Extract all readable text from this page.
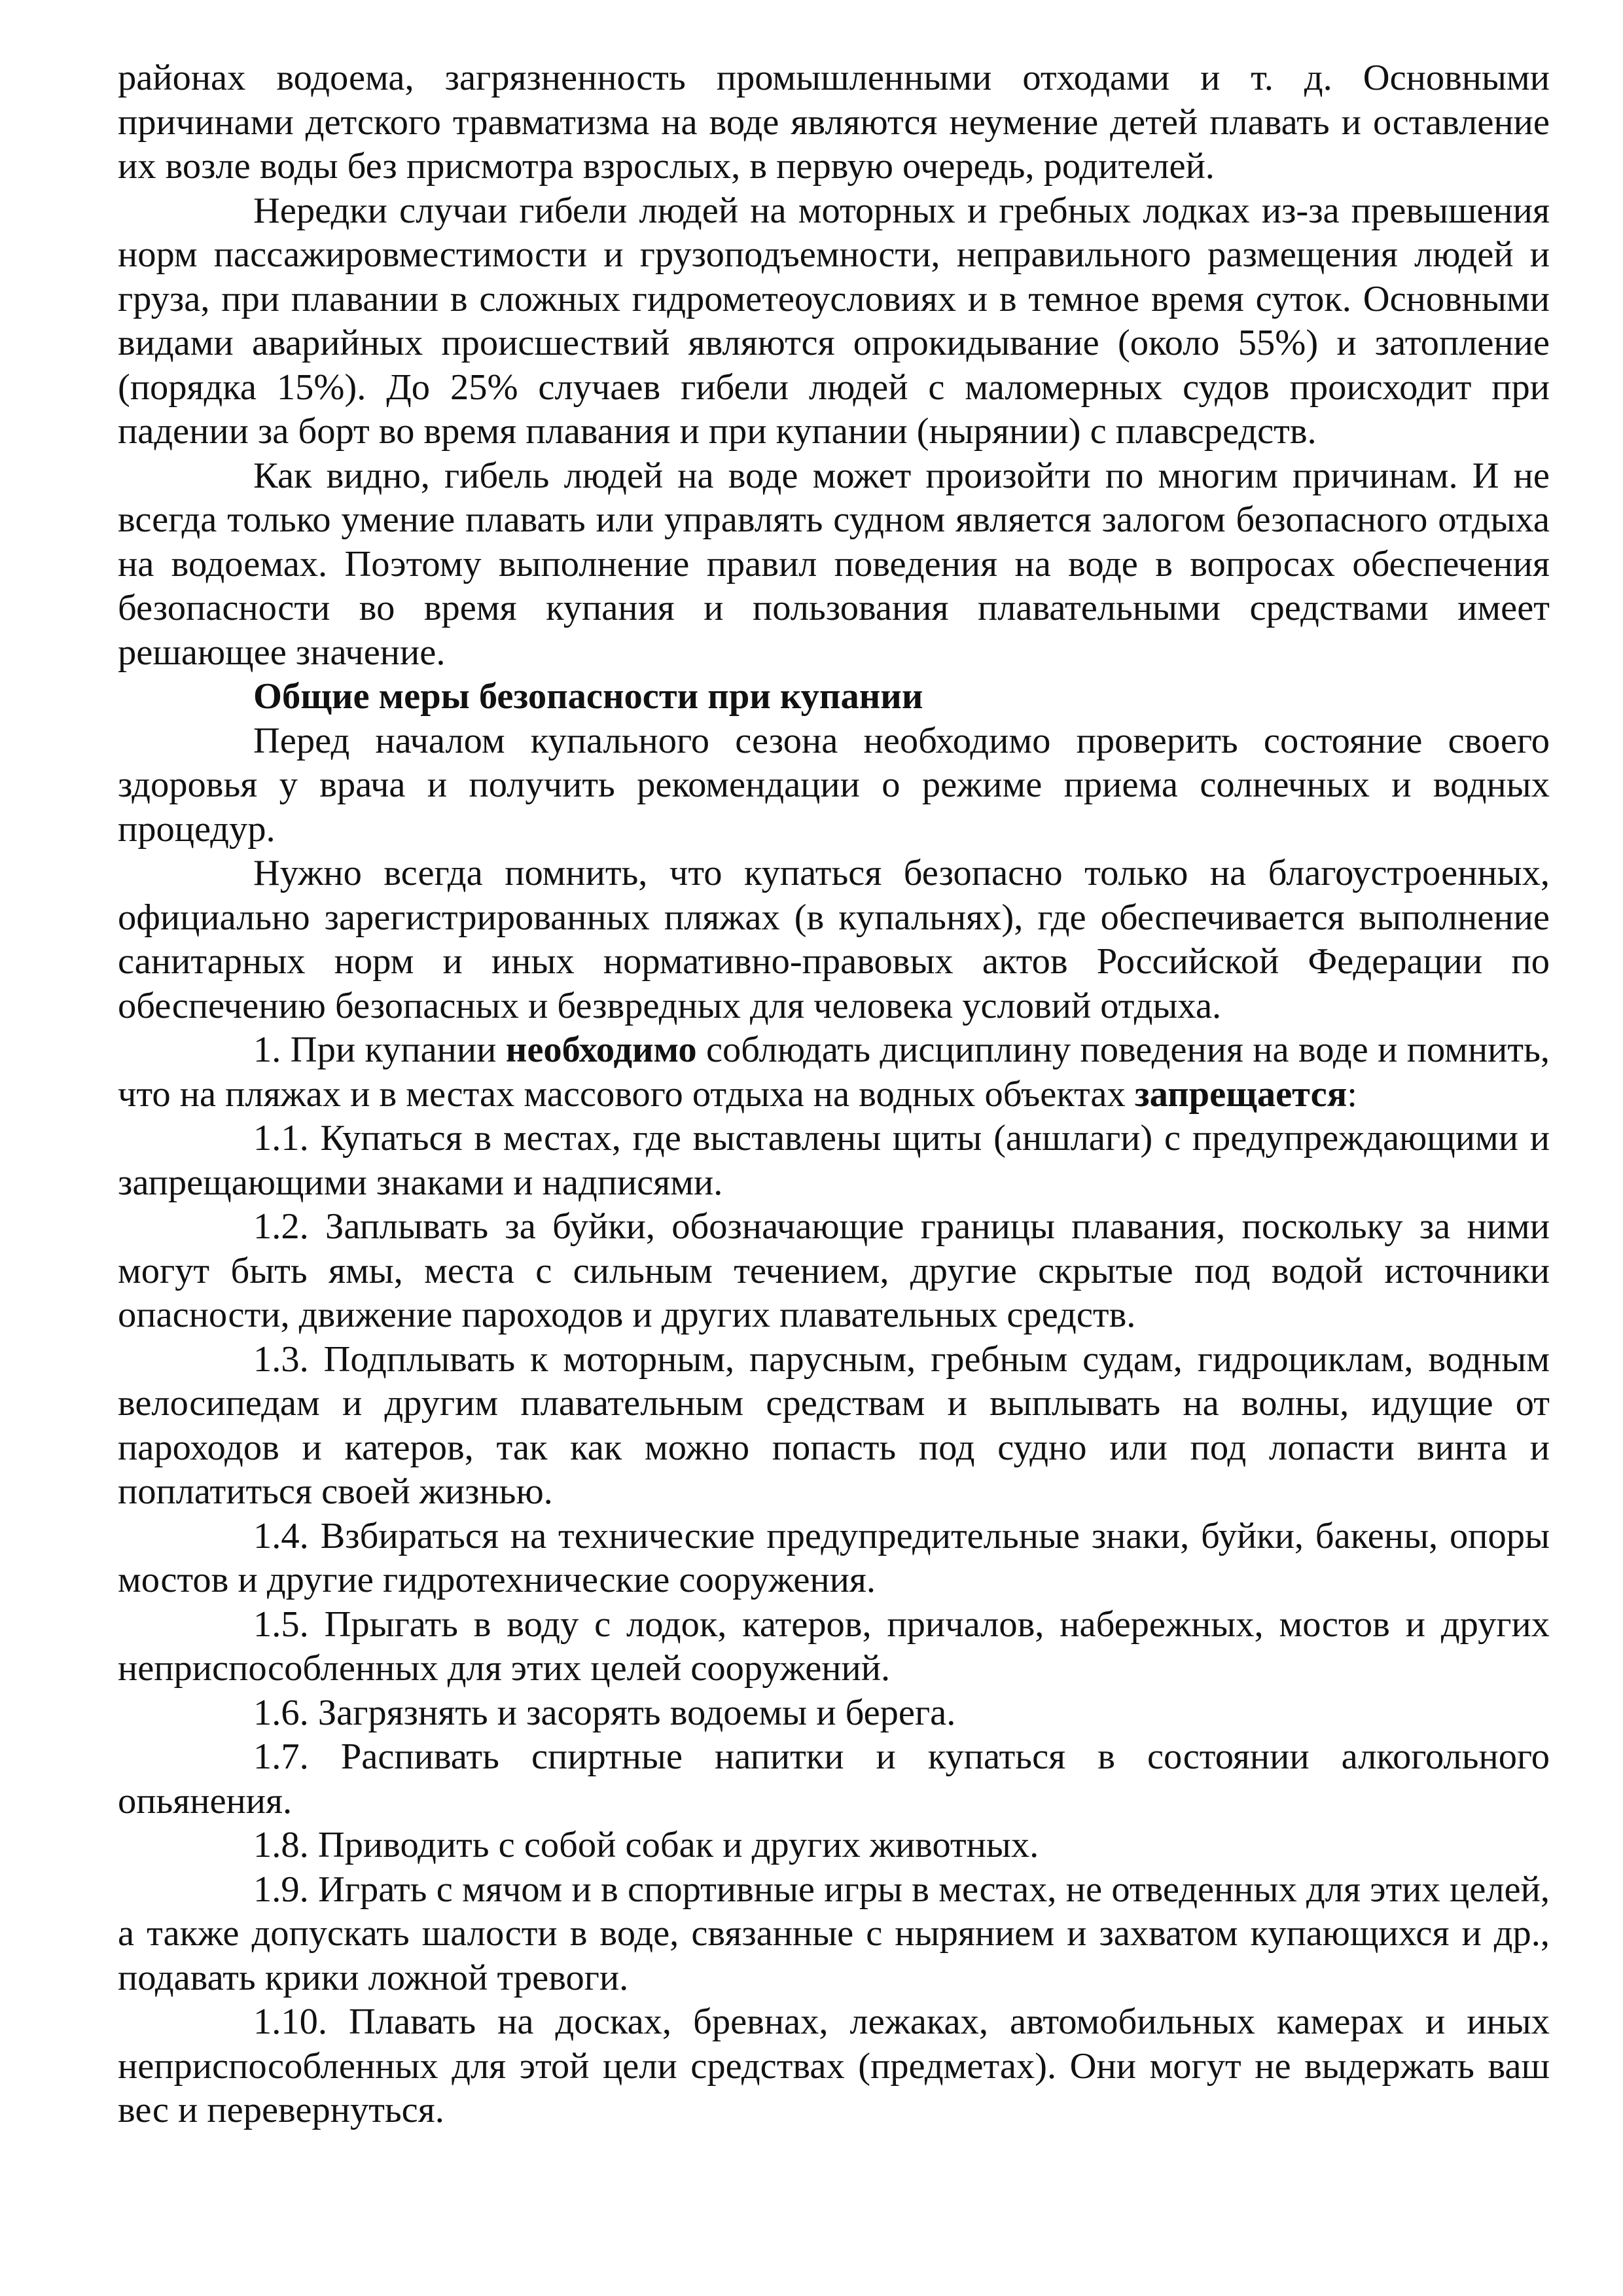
районах водоема, загрязненность промышленными отходами и т. д. Основными причинами детского травматизма на воде являются неумение детей плавать и оставление их возле воды без присмотра взрослых, в первую очередь, родителей.

Нередки случаи гибели людей на моторных и гребных лодках из-за превышения норм пассажировместимости и грузоподъемности, неправильного размещения людей и груза, при плавании в сложных гидрометеоусловиях и в темное время суток. Основными видами аварийных происшествий являются опрокидывание (около 55%) и затопление (порядка 15%). До 25% случаев гибели людей с маломерных судов происходит при падении за борт во время плавания и при купании (нырянии) с плавсредств.

Как видно, гибель людей на воде может произойти по многим причинам. И не всегда только умение плавать или управлять судном является залогом безопасного отдыха на водоемах. Поэтому выполнение правил поведения на воде в вопросах обеспечения безопасности во время купания и пользования плавательными средствами имеет решающее значение.

Общие меры безопасности при купании

Перед началом купального сезона необходимо проверить состояние своего здоровья у врача и получить рекомендации о режиме приема солнечных и водных процедур.

Нужно всегда помнить, что купаться безопасно только на благоустроенных, официально зарегистрированных пляжах (в купальнях), где обеспечивается выполнение санитарных норм и иных нормативно-правовых актов Российской Федерации по обеспечению безопасных и безвредных для человека условий отдыха.

1. При купании необходимо соблюдать дисциплину поведения на воде и помнить, что на пляжах и в местах массового отдыха на водных объектах запрещается:

1.1. Купаться в местах, где выставлены щиты (аншлаги) с предупреждающими и запрещающими знаками и надписями.

1.2. Заплывать за буйки, обозначающие границы плавания, поскольку за ними могут быть ямы, места с сильным течением, другие скрытые под водой источники опасности, движение пароходов и других плавательных средств.

1.3. Подплывать к моторным, парусным, гребным судам, гидроциклам, водным велосипедам и другим плавательным средствам и выплывать на волны, идущие от пароходов и катеров, так как можно попасть под судно или под лопасти винта и поплатиться своей жизнью.

1.4. Взбираться на технические предупредительные знаки, буйки, бакены, опоры мостов и другие гидротехнические сооружения.

1.5. Прыгать в воду с лодок, катеров, причалов, набережных, мостов и других неприспособленных для этих целей сооружений.

1.6. Загрязнять и засорять водоемы и берега.

1.7. Распивать спиртные напитки и купаться в состоянии алкогольного опьянения.

1.8. Приводить с собой собак и других животных.

1.9. Играть с мячом и в спортивные игры в местах, не отведенных для этих целей, а также допускать шалости в воде, связанные с нырянием и захватом купающихся и др., подавать крики ложной тревоги.

1.10. Плавать на досках, бревнах, лежаках, автомобильных камерах и иных неприспособленных для этой цели средствах (предметах). Они могут не выдержать ваш вес и перевернуться.
